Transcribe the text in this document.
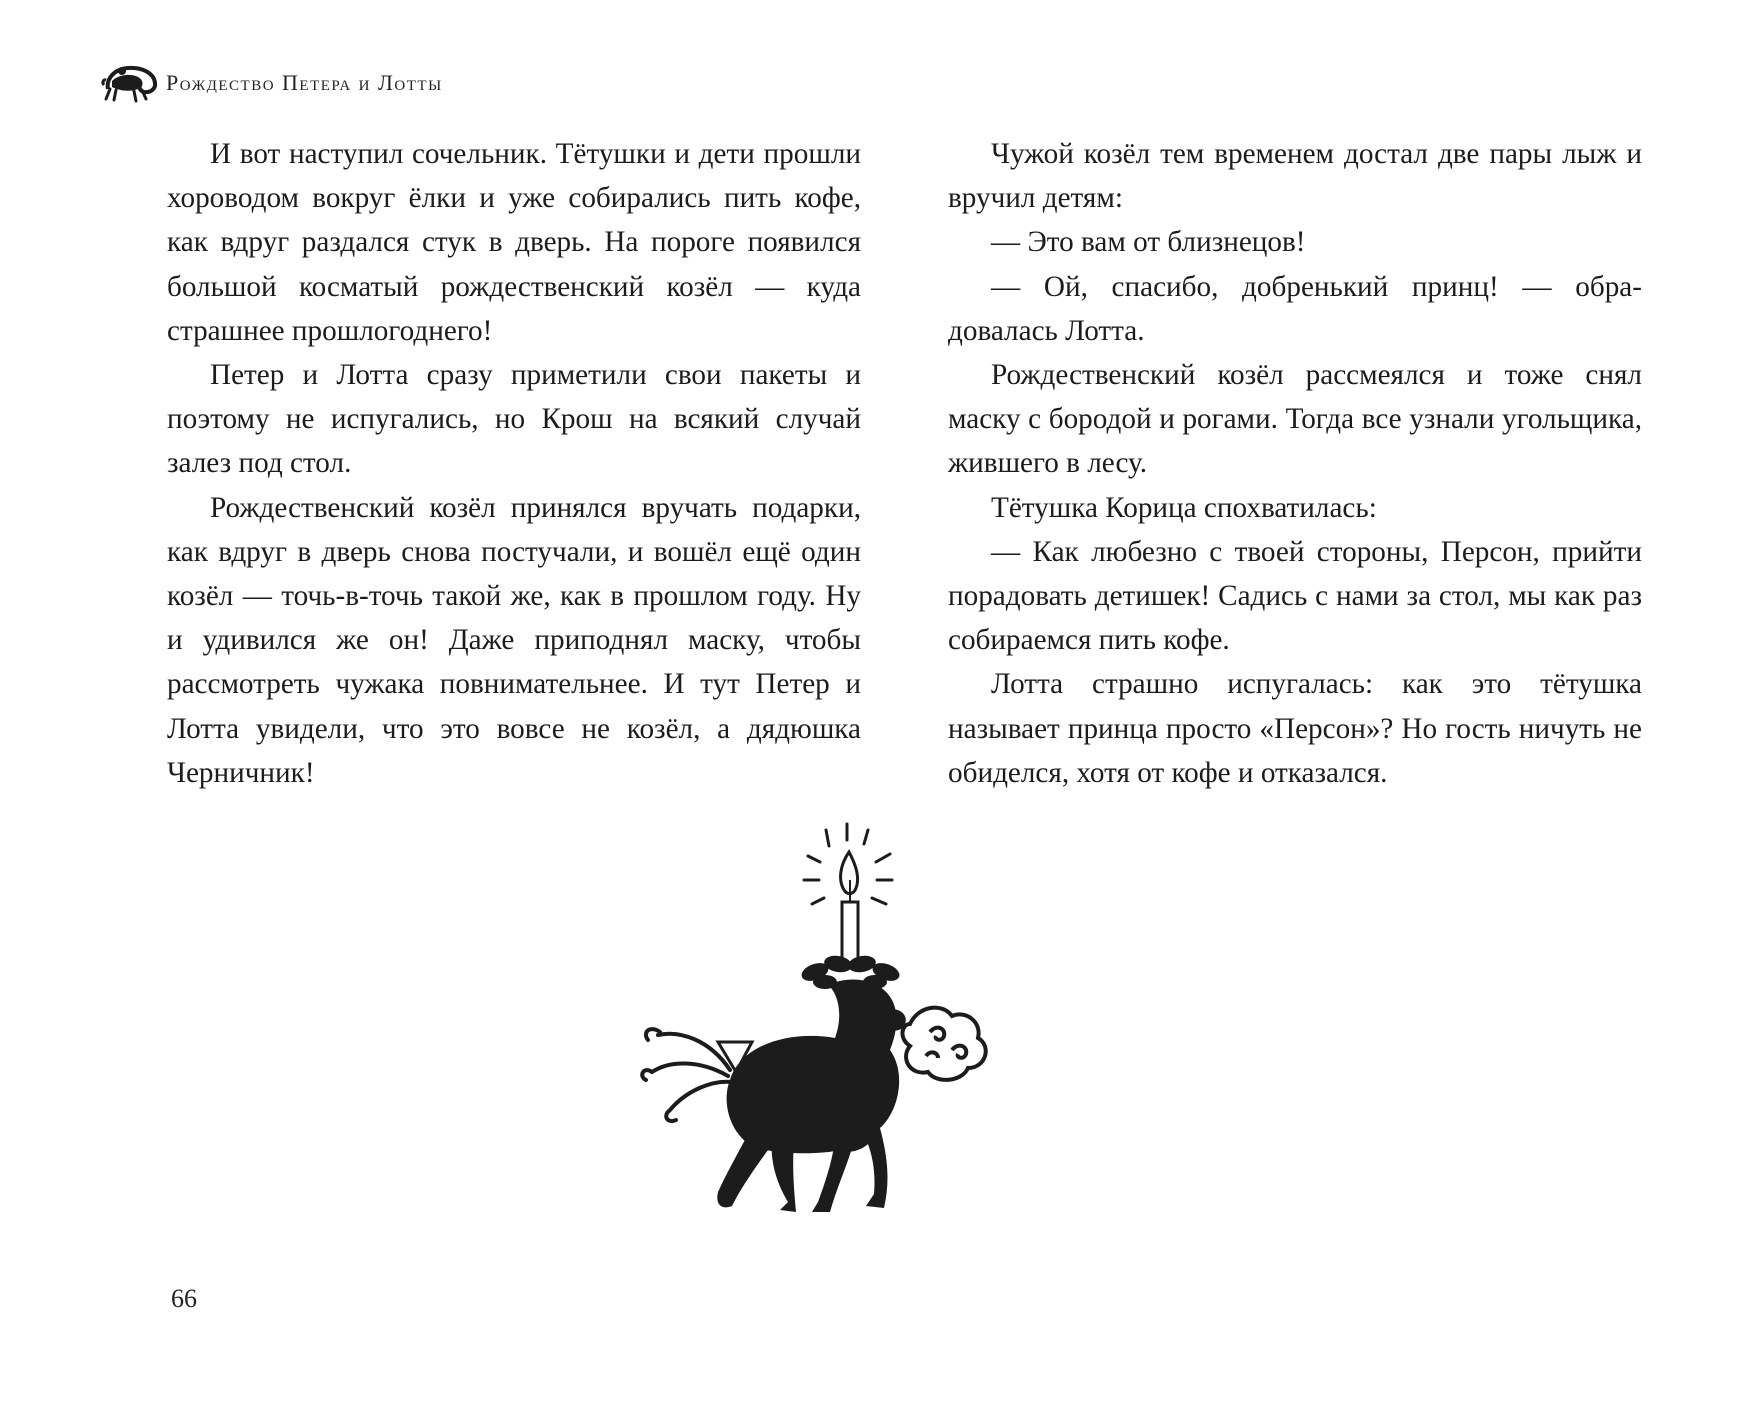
Рождество Петера и Лотты

И вот наступил сочельник. Тётушки и дети прошли хороводом вокруг ёлки и уже собирались пить кофе, как вдруг раздался стук в дверь. На пороге появился большой косматый рождественский козёл — куда страшнее прошлогоднего!

Петер и Лотта сразу приметили свои пакеты и поэтому не испугались, но Крош на всякий случай залез под стол.

Рождественский козёл принялся вручать подарки, как вдруг в дверь снова постучали, и вошёл ещё один козёл — точь-в-точь такой же, как в прошлом году. Ну и удивился же он! Даже приподнял маску, чтобы рассмотреть чужака повнимательнее. И тут Петер и Лотта увидели, что это вовсе не козёл, а дядюшка Черничник!

Чужой козёл тем временем достал две пары лыж и вручил детям:

— Это вам от близнецов!

— Ой, спасибо, добренький принц! — обрадовалась Лотта.

Рождественский козёл рассмеялся и тоже снял маску с бородой и рогами. Тогда все узнали угольщика, жившего в лесу.

Тётушка Корица спохватилась:

— Как любезно с твоей стороны, Персон, прийти порадовать детишек! Садись с нами за стол, мы как раз собираемся пить кофе.

Лотта страшно испугалась: как это тётушка называет принца просто «Персон»? Но гость ничуть не обиделся, хотя от кофе и отказался.

66
